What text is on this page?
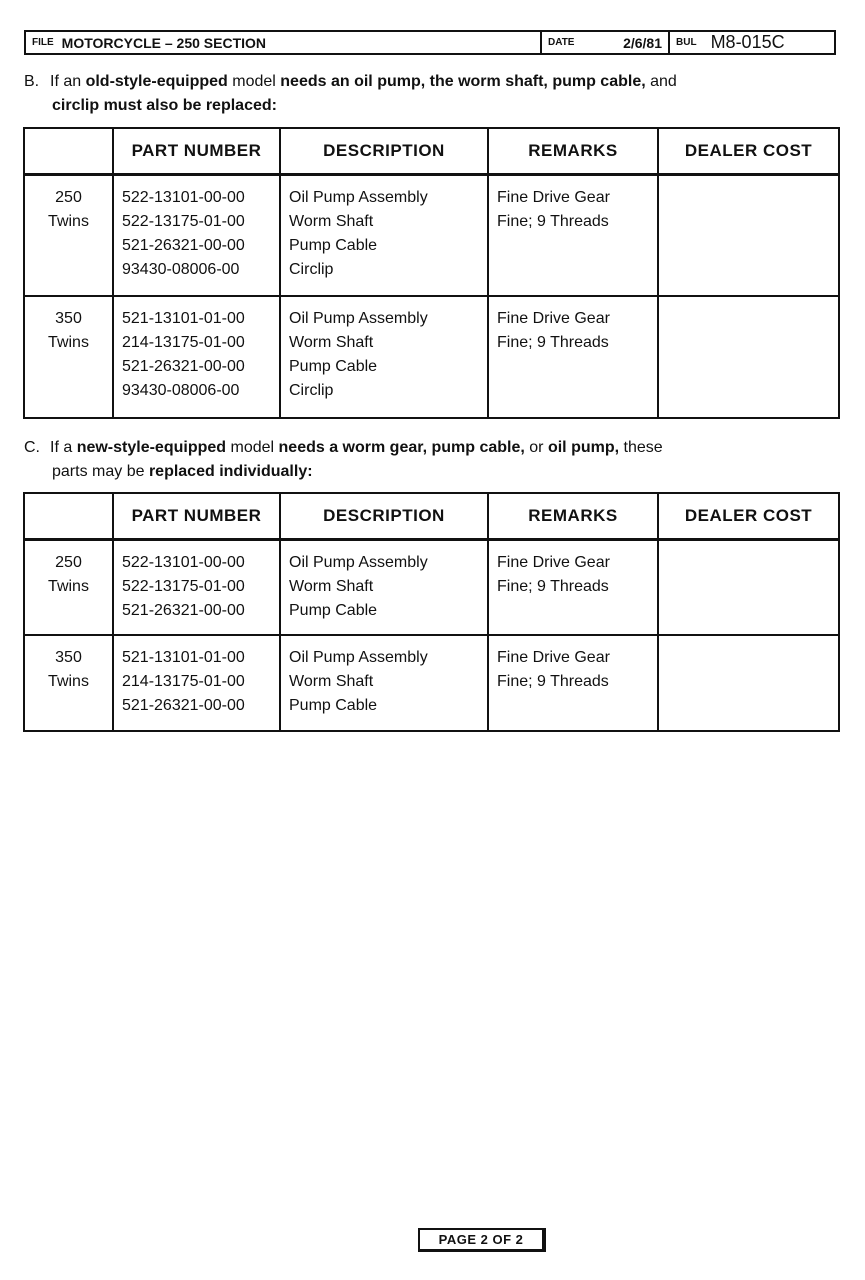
FILE MOTORCYCLE – 250 SECTION	DATE	2/6/81 BUL M8-015C
B. If an old-style-equipped model needs an oil pump, the worm shaft, pump cable, and
circlip must also be replaced:
	PART NUMBER	DESCRIPTION	REMARKS	DEALER COST

250
Twins	522-13101-00-00
522-13175-01-00
521-26321-00-00
93430-08006-00	Oil Pump Assembly
Worm Shaft
Pump Cable
Circlip	Fine Drive Gear
Fine; 9 Threads	

350
Twins	521-13101-01-00
214-13175-01-00
521-26321-00-00
93430-08006-00	Oil Pump Assembly
Worm Shaft
Pump Cable
Circlip	Fine Drive Gear
Fine; 9 Threads	

C. If a new-style-equipped model needs a worm gear, pump cable, or oil pump, these
parts may be replaced individually:
	PART NUMBER	DESCRIPTION	REMARKS	DEALER COST

250
Twins	522-13101-00-00
522-13175-01-00
521-26321-00-00	Oil Pump Assembly
Worm Shaft
Pump Cable	Fine Drive Gear
Fine; 9 Threads	

350
Twins	521-13101-01-00
214-13175-01-00
521-26321-00-00	Oil Pump Assembly
Worm Shaft
Pump Cable	Fine Drive Gear
Fine; 9 Threads	

PAGE 2 OF 2
